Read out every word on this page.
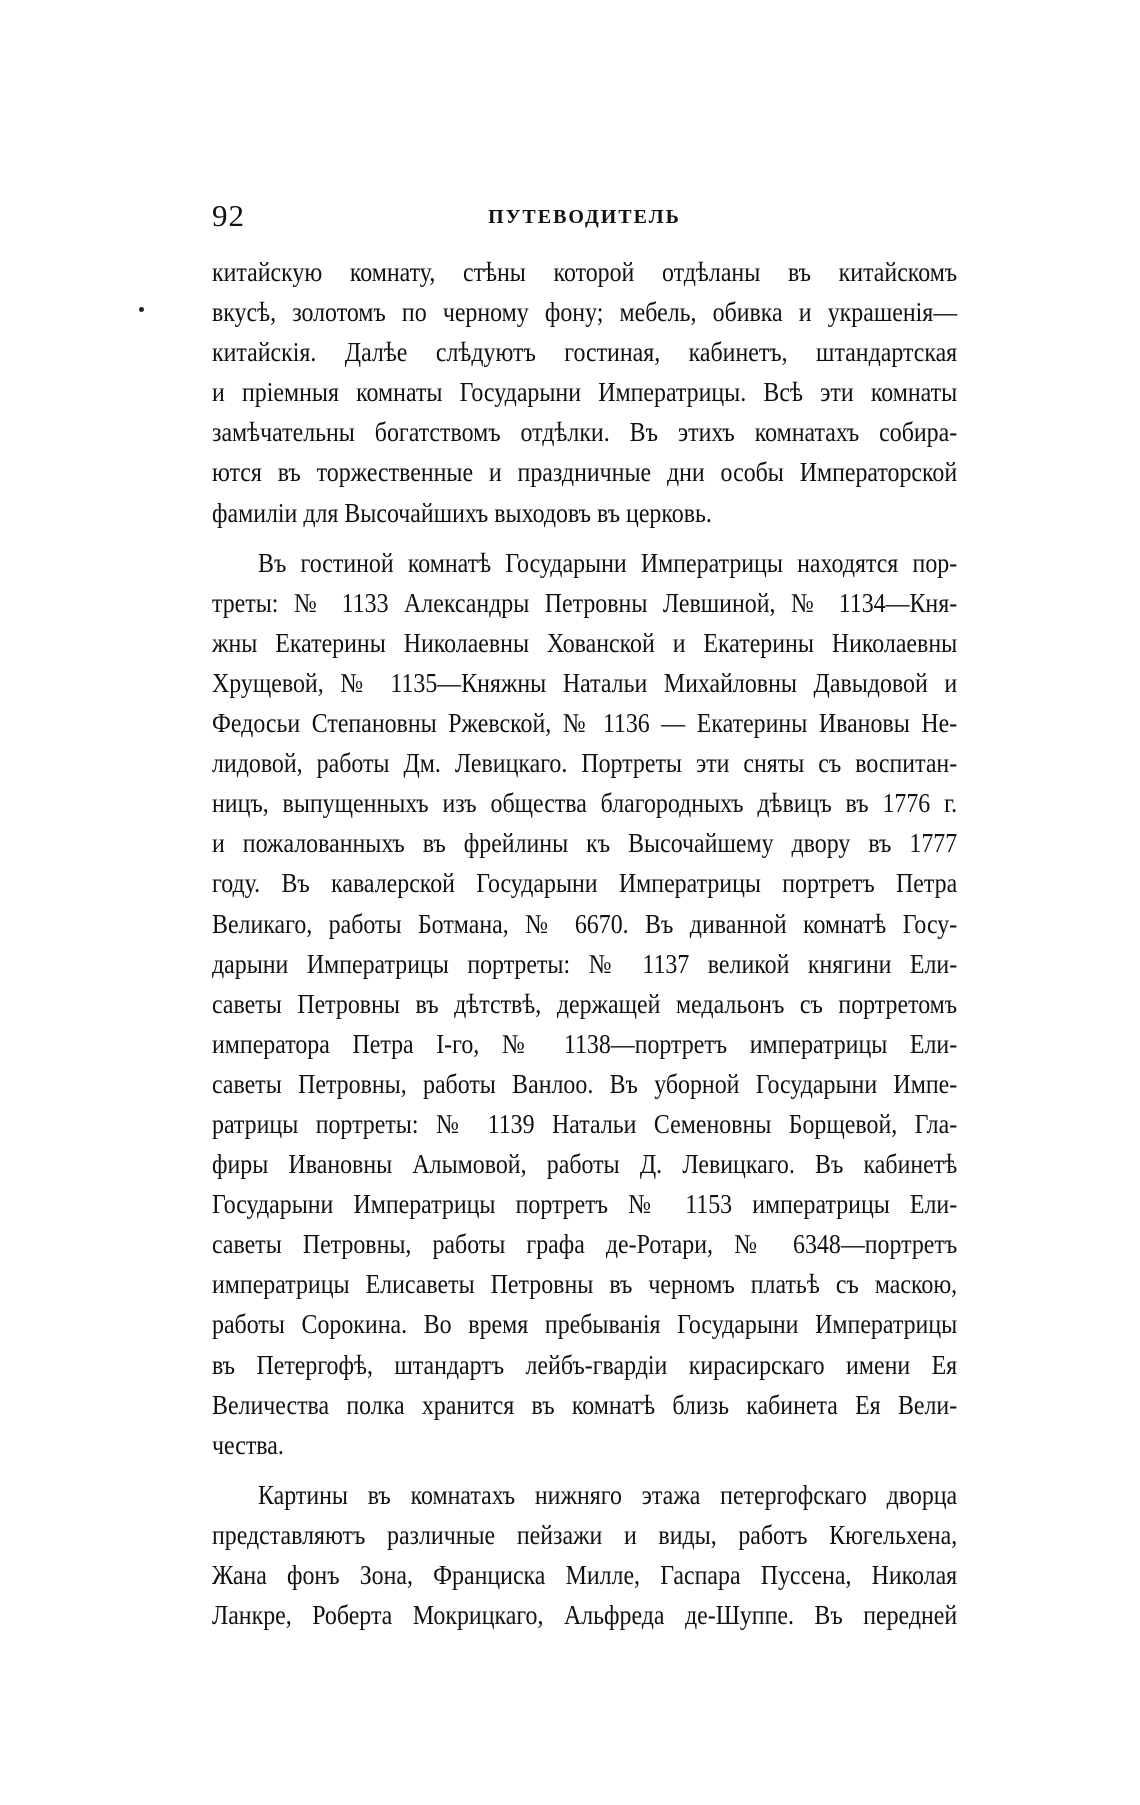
92	ПУТЕВОДИТЕЛЬ
китайскую комнату, стѣны которой отдѣланы въ китайскомъ
вкусѣ, золотомъ по черному фону; мебель, обивка и украшенія—
китайскія. Далѣе слѣдуютъ гостиная, кабинетъ, штандартская
и пріемныя комнаты Государыни Императрицы. Всѣ эти комнаты
замѣчательны богатствомъ отдѣлки. Въ этихъ комнатахъ собира-
ются въ торжественные и праздничные дни особы Императорской
фамиліи для Высочайшихъ выходовъ въ церковь.
Въ гостиной комнатѣ Государыни Императрицы находятся пор-
треты: № 1133 Александры Петровны Левшиной, № 1134—Кня-
жны Екатерины Николаевны Хованской и Екатерины Николаевны
Хрущевой, № 1135—Княжны Натальи Михайловны Давыдовой и
Федосьи Степановны Ржевской, № 1136 — Екатерины Ивановы Не-
лидовой, работы Дм. Левицкаго. Портреты эти сняты съ воспитан-
ницъ, выпущенныхъ изъ общества благородныхъ дѣвицъ въ 1776 г.
и пожалованныхъ въ фрейлины къ Высочайшему двору въ 1777
году. Въ кавалерской Государыни Императрицы портретъ Петра
Великаго, работы Ботмана, № 6670. Въ диванной комнатѣ Госу-
дарыни Императрицы портреты: № 1137 великой княгини Ели-
саветы Петровны въ дѣтствѣ, держащей медальонъ съ портретомъ
императора Петра І-го, № 1138—портретъ императрицы Ели-
саветы Петровны, работы Ванлоо. Въ уборной Государыни Импе-
ратрицы портреты: № 1139 Натальи Семеновны Борщевой, Гла-
фиры Ивановны Алымовой, работы Д. Левицкаго. Въ кабинетѣ
Государыни Императрицы портретъ № 1153 императрицы Ели-
саветы Петровны, работы графа де-Ротари, № 6348—портретъ
императрицы Елисаветы Петровны въ черномъ платьѣ съ маскою,
работы Сорокина. Во время пребыванія Государыни Императрицы
въ Петергофѣ, штандартъ лейбъ-гвардіи кирасирскаго имени Ея
Величества полка хранится въ комнатѣ близь кабинета Ея Вели-
чества.
Картины въ комнатахъ нижняго этажа петергофскаго дворца
представляютъ различные пейзажи и виды, работъ Кюгельхена,
Жана фонъ Зона, Франциска Милле, Гаспара Пуссена, Николая
Ланкре, Роберта Мокрицкаго, Альфреда де-Шуппе. Въ передней
